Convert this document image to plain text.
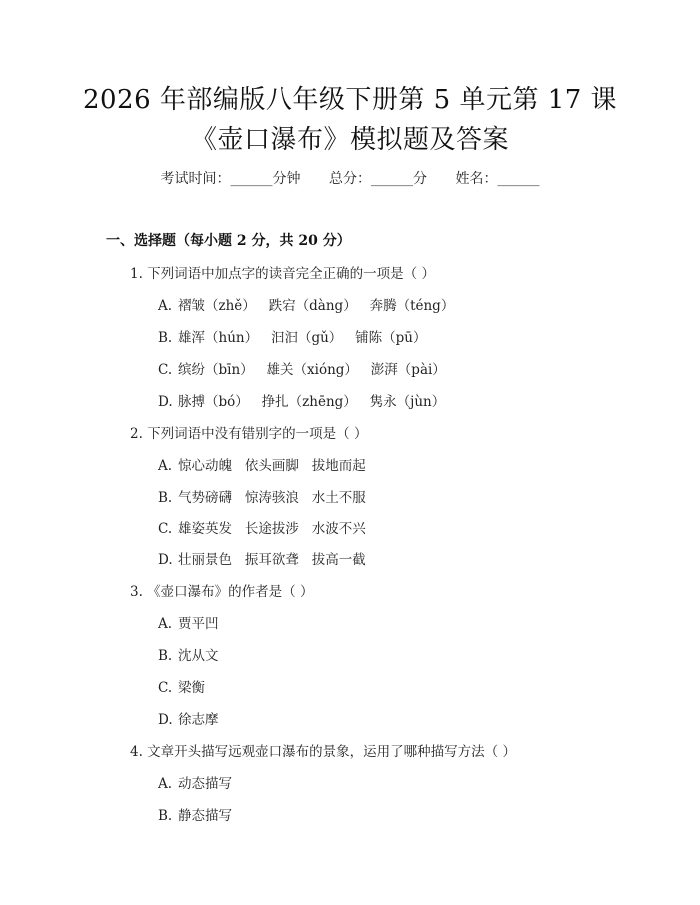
2026 年部编版八年级下册第 5 单元第 17 课
《壶口瀑布》模拟题及答案
考试时间：______分钟 总分：______分 姓名：______
一、选择题（每小题 2 分，共 20 分）
1. 下列词语中加点字的读音完全正确的一项是（ ）
A. 褶皱（zhě）   跌宕（dàng）   奔腾（téng）
B. 雄浑（hún）   汩汩（gǔ）   铺陈（pū）
C. 缤纷（bīn）   雄关（xióng）   澎湃（pài）
D. 脉搏（bó）   挣扎（zhēng）   隽永（jùn）
2. 下列词语中没有错别字的一项是（ ）
A. 惊心动魄   依头画脚   拔地而起
B. 气势磅礴   惊涛骇浪   水土不服
C. 雄姿英发   长途拔涉   水波不兴
D. 壮丽景色   振耳欲聋   拔高一截
3. 《壶口瀑布》的作者是（ ）
A. 贾平凹
B. 沈从文
C. 梁衡
D. 徐志摩
4. 文章开头描写远观壶口瀑布的景象，运用了哪种描写方法（ ）
A. 动态描写
B. 静态描写
